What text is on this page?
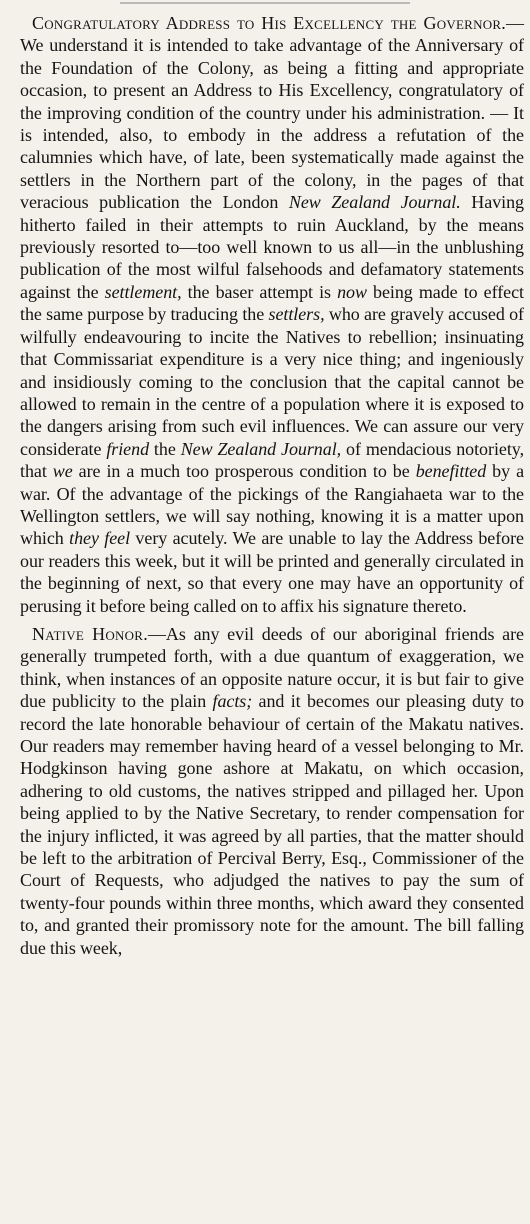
Congratulatory Address to His Excellency the Governor.—We understand it is intended to take advantage of the Anniversary of the Foundation of the Colony, as being a fitting and appropriate occasion, to present an Address to His Excellency, congratulatory of the improving condition of the country under his administration. — It is intended, also, to embody in the address a refutation of the calumnies which have, of late, been systematically made against the settlers in the Northern part of the colony, in the pages of that veracious publication the London New Zealand Journal. Having hitherto failed in their attempts to ruin Auckland, by the means previously resorted to—too well known to us all—in the unblushing publication of the most wilful falsehoods and defamatory statements against the settlement, the baser attempt is now being made to effect the same purpose by traducing the settlers, who are gravely accused of wilfully endeavouring to incite the Natives to rebellion; insinuating that Commissariat expenditure is a very nice thing; and ingeniously and insidiously coming to the conclusion that the capital cannot be allowed to remain in the centre of a population where it is exposed to the dangers arising from such evil influences. We can assure our very considerate friend the New Zealand Journal, of mendacious notoriety, that we are in a much too prosperous condition to be benefitted by a war. Of the advantage of the pickings of the Rangiahaeta war to the Wellington settlers, we will say nothing, knowing it is a matter upon which they feel very acutely. We are unable to lay the Address before our readers this week, but it will be printed and generally circulated in the beginning of next, so that every one may have an opportunity of perusing it before being called on to affix his signature thereto.

Native Honor.—As any evil deeds of our aboriginal friends are generally trumpeted forth, with a due quantum of exaggeration, we think, when instances of an opposite nature occur, it is but fair to give due publicity to the plain facts; and it becomes our pleasing duty to record the late honorable behaviour of certain of the Makatu natives. Our readers may remember having heard of a vessel belonging to Mr. Hodgkinson having gone ashore at Makatu, on which occasion, adhering to old customs, the natives stripped and pillaged her. Upon being applied to by the Native Secretary, to render compensation for the injury inflicted, it was agreed by all parties, that the matter should be left to the arbitration of Percival Berry, Esq., Commissioner of the Court of Requests, who adjudged the natives to pay the sum of twenty-four pounds within three months, which award they consented to, and granted their promissory note for the amount. The bill falling due this week,
